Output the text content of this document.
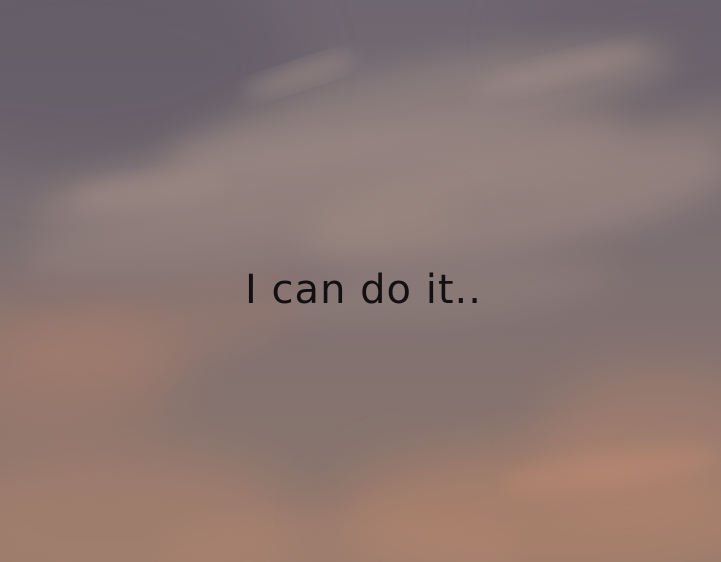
I can do it..
